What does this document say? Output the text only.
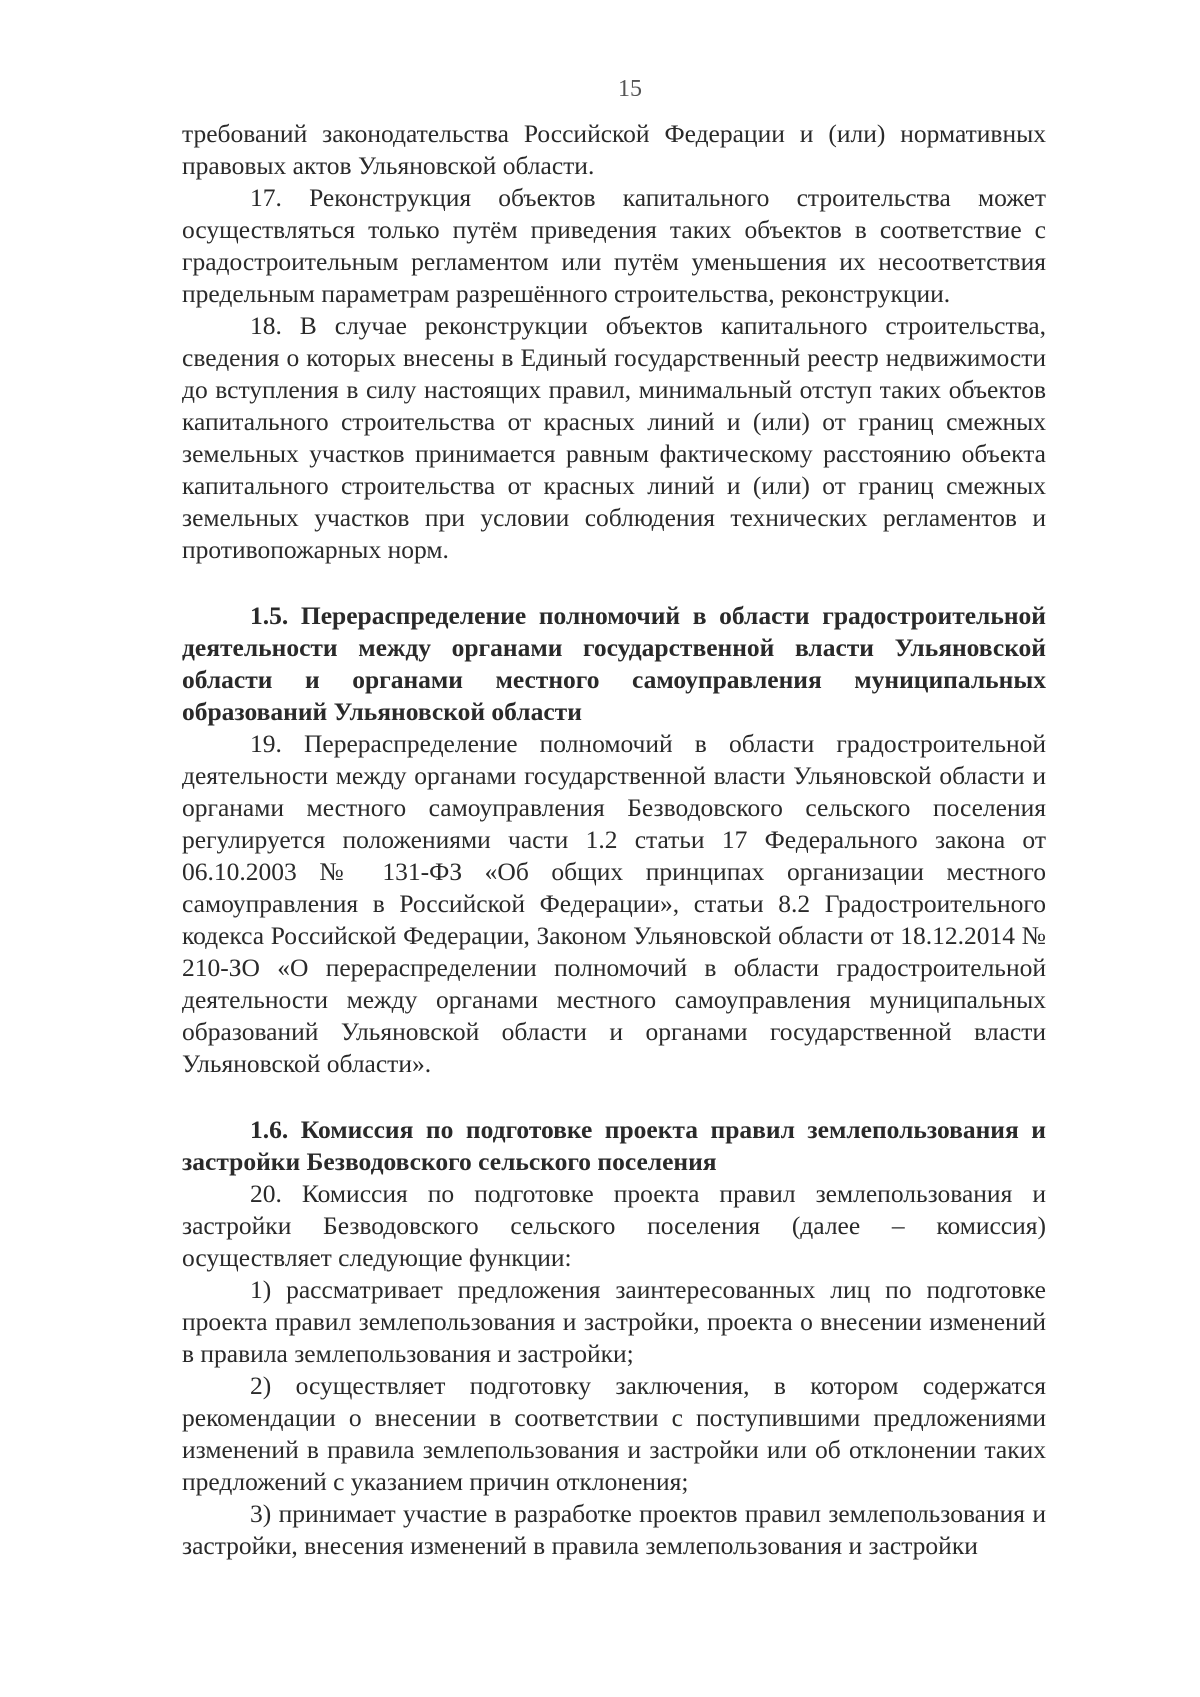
15

требований законодательства Российской Федерации и (или) нормативных правовых актов Ульяновской области.

17. Реконструкция объектов капитального строительства может осуществляться только путём приведения таких объектов в соответствие с градостроительным регламентом или путём уменьшения их несоответствия предельным параметрам разрешённого строительства, реконструкции.

18. В случае реконструкции объектов капитального строительства, сведения о которых внесены в Единый государственный реестр недвижимости до вступления в силу настоящих правил, минимальный отступ таких объектов капитального строительства от красных линий и (или) от границ смежных земельных участков принимается равным фактическому расстоянию объекта капитального строительства от красных линий и (или) от границ смежных земельных участков при условии соблюдения технических регламентов и противопожарных норм.

1.5. Перераспределение полномочий в области градостроительной деятельности между органами государственной власти Ульяновской области и органами местного самоуправления муниципальных образований Ульяновской области

19. Перераспределение полномочий в области градостроительной деятельности между органами государственной власти Ульяновской области и органами местного самоуправления Безводовского сельского поселения регулируется положениями части 1.2 статьи 17 Федерального закона от 06.10.2003 № 131-ФЗ «Об общих принципах организации местного самоуправления в Российской Федерации», статьи 8.2 Градостроительного кодекса Российской Федерации, Законом Ульяновской области от 18.12.2014 № 210-ЗО «О перераспределении полномочий в области градостроительной деятельности между органами местного самоуправления муниципальных образований Ульяновской области и органами государственной власти Ульяновской области».

1.6. Комиссия по подготовке проекта правил землепользования и застройки Безводовского сельского поселения

20. Комиссия по подготовке проекта правил землепользования и застройки Безводовского сельского поселения (далее – комиссия) осуществляет следующие функции:

1) рассматривает предложения заинтересованных лиц по подготовке проекта правил землепользования и застройки, проекта о внесении изменений в правила землепользования и застройки;

2) осуществляет подготовку заключения, в котором содержатся рекомендации о внесении в соответствии с поступившими предложениями изменений в правила землепользования и застройки или об отклонении таких предложений с указанием причин отклонения;

3) принимает участие в разработке проектов правил землепользования и застройки, внесения изменений в правила землепользования и застройки
